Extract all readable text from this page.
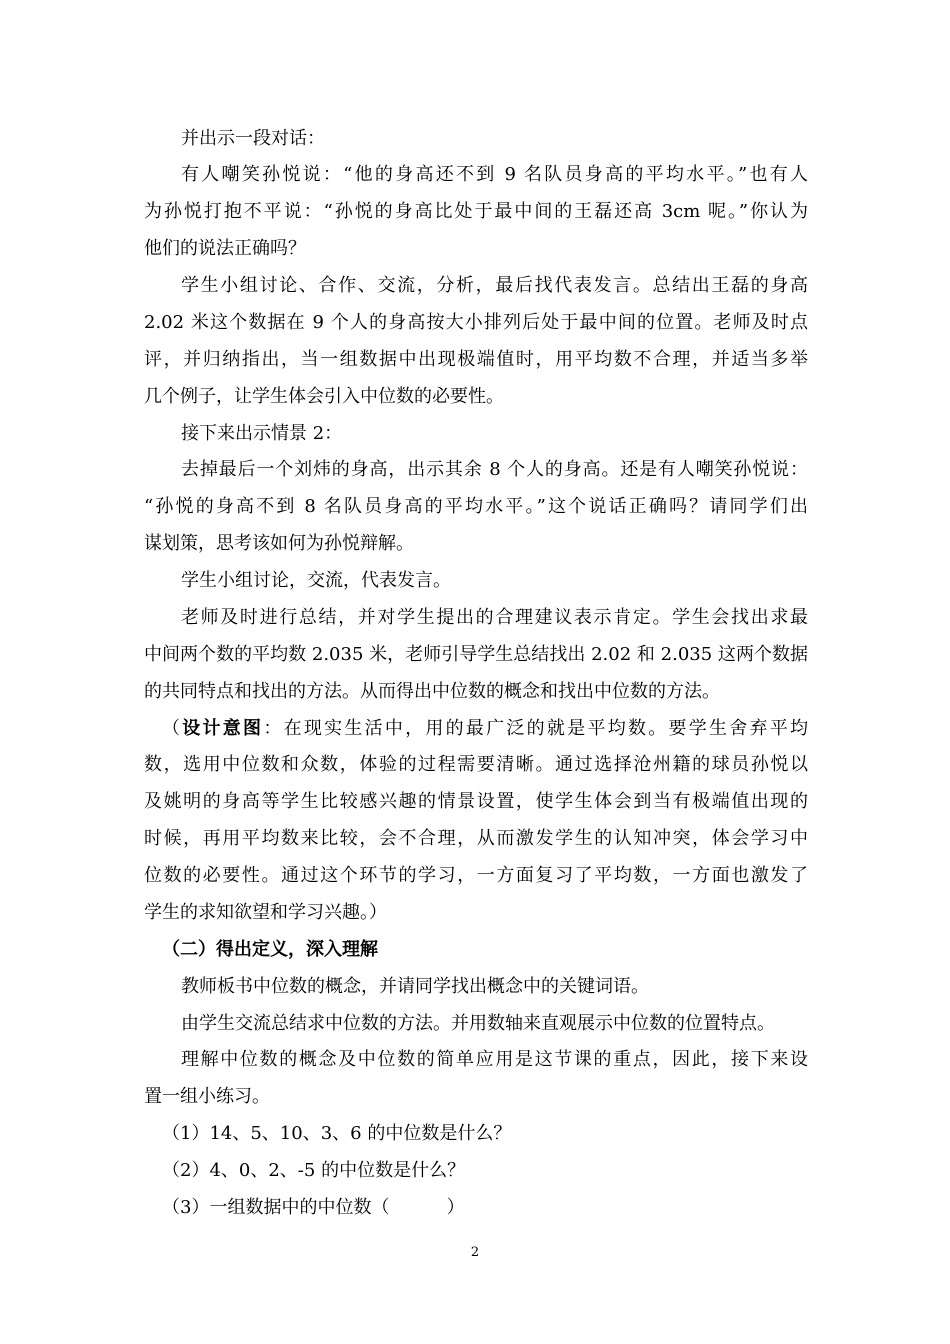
并出示一段对话：
有人嘲笑孙悦说：“他的身高还不到 9 名队员身高的平均水平。”也有人
为孙悦打抱不平说：“孙悦的身高比处于最中间的王磊还高 3cm 呢。”你认为
他们的说法正确吗？
学生小组讨论、合作、交流，分析，最后找代表发言。总结出王磊的身高
2.02 米这个数据在 9 个人的身高按大小排列后处于最中间的位置。老师及时点
评，并归纳指出，当一组数据中出现极端值时，用平均数不合理，并适当多举
几个例子，让学生体会引入中位数的必要性。
接下来出示情景 2：
去掉最后一个刘炜的身高，出示其余 8 个人的身高。还是有人嘲笑孙悦说：
“孙悦的身高不到 8 名队员身高的平均水平。”这个说话正确吗？请同学们出
谋划策，思考该如何为孙悦辩解。
学生小组讨论，交流，代表发言。
老师及时进行总结，并对学生提出的合理建议表示肯定。学生会找出求最
中间两个数的平均数 2.035 米，老师引导学生总结找出 2.02 和 2.035 这两个数据
的共同特点和找出的方法。从而得出中位数的概念和找出中位数的方法。
（设计意图：在现实生活中，用的最广泛的就是平均数。要学生舍弃平均
数，选用中位数和众数，体验的过程需要清晰。通过选择沧州籍的球员孙悦以
及姚明的身高等学生比较感兴趣的情景设置，使学生体会到当有极端值出现的
时候，再用平均数来比较，会不合理，从而激发学生的认知冲突，体会学习中
位数的必要性。通过这个环节的学习，一方面复习了平均数，一方面也激发了
学生的求知欲望和学习兴趣。）
（二）得出定义，深入理解
教师板书中位数的概念，并请同学找出概念中的关键词语。
由学生交流总结求中位数的方法。并用数轴来直观展示中位数的位置特点。
理解中位数的概念及中位数的简单应用是这节课的重点，因此，接下来设
置一组小练习。
（1）14、5、10、3、6 的中位数是什么？
（2）4、0、2、-5 的中位数是什么？
（3）一组数据中的中位数（          ）
2
